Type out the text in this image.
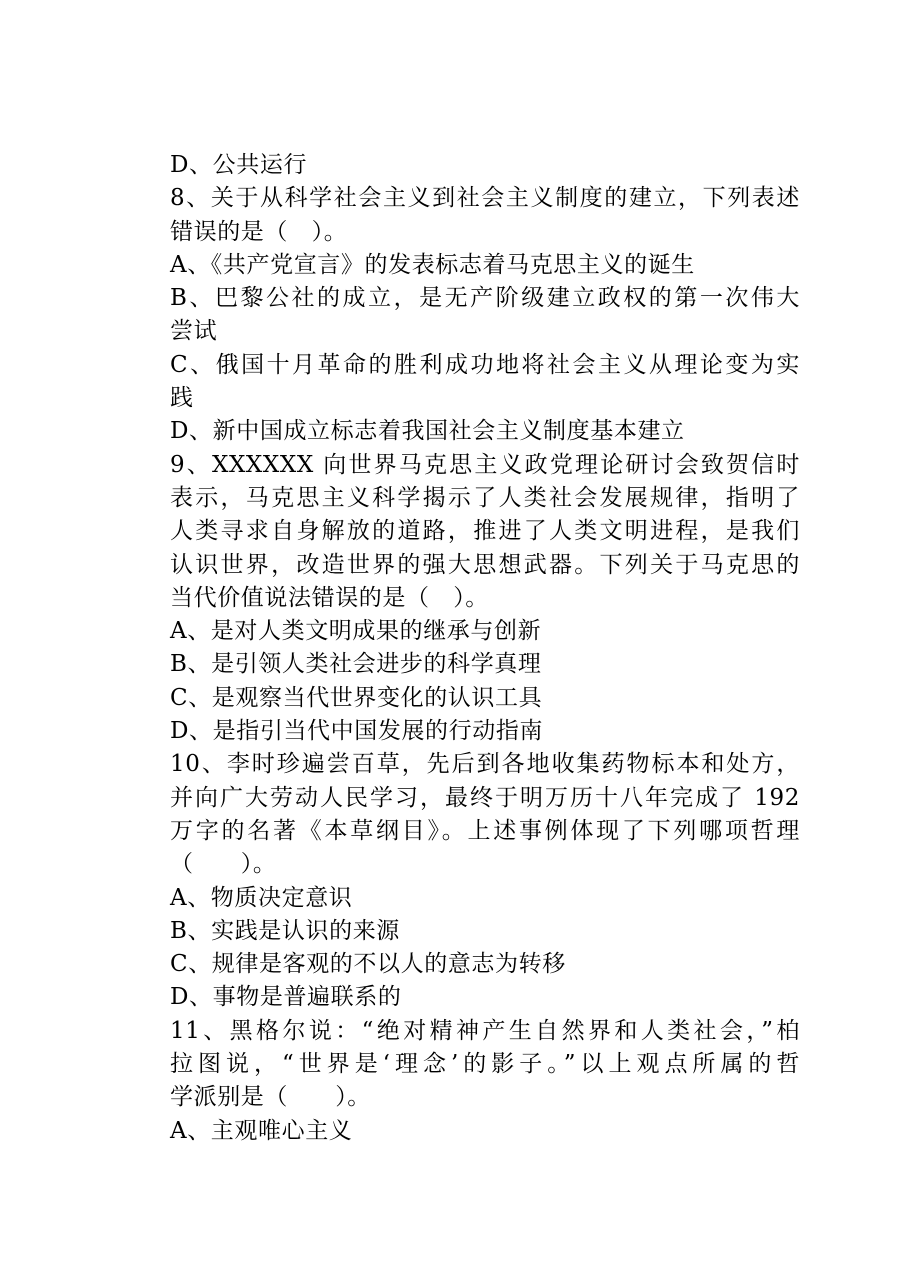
D、公共运行
8、关于从科学社会主义到社会主义制度的建立，下列表述
错误的是（　）。
A、《共产党宣言》的发表标志着马克思主义的诞生
B、巴黎公社的成立，是无产阶级建立政权的第一次伟大
尝试
C、俄国十月革命的胜利成功地将社会主义从理论变为实
践
D、新中国成立标志着我国社会主义制度基本建立
9、XXXXXX 向世界马克思主义政党理论研讨会致贺信时
表示，马克思主义科学揭示了人类社会发展规律，指明了
人类寻求自身解放的道路，推进了人类文明进程，是我们
认识世界，改造世界的强大思想武器。下列关于马克思的
当代价值说法错误的是（　）。
A、是对人类文明成果的继承与创新
B、是引领人类社会进步的科学真理
C、是观察当代世界变化的认识工具
D、是指引当代中国发展的行动指南
10、李时珍遍尝百草，先后到各地收集药物标本和处方，
并向广大劳动人民学习，最终于明万历十八年完成了 192
万字的名著《本草纲目》。上述事例体现了下列哪项哲理
（　　）。
A、物质决定意识
B、实践是认识的来源
C、规律是客观的不以人的意志为转移
D、事物是普遍联系的
11、黑格尔说：“绝对精神产生自然界和人类社会，”柏
拉图说，“世界是‘理念’的影子。”以上观点所属的哲
学派别是（　　）。
A、主观唯心主义
